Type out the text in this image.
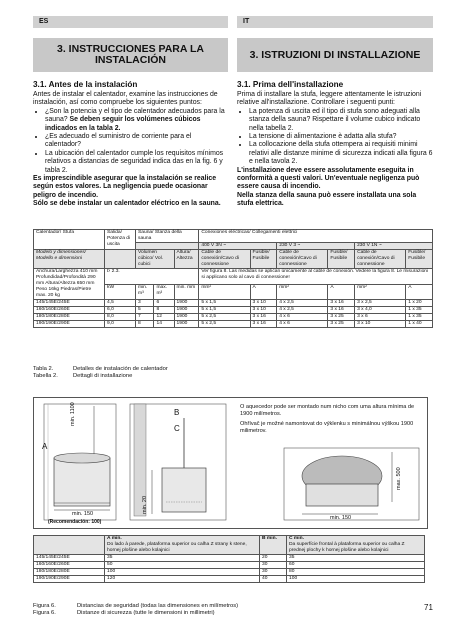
ES	IT
3. INSTRUCCIONES PARA LA
INSTALACIÓN	3. ISTRUZIONI DI INSTALLAZIONE
3.1. Antes de la instalación

Antes de instalar el calentador, examine las instrucciones de instalación, así como compruebe los siguientes puntos:

• ¿Son la potencia y el tipo de calentador adecuados para la sauna? Se deben seguir los volúmenes cúbicos indicados en la tabla 2.
• ¿Es adecuado el suministro de corriente para el calentador?
• La ubicación del calentador cumple los requisitos mínimos relativos a distancias de seguridad indica das en la fig. 6 y tabla 2.

Es imprescindible asegurar que la instalación se realice según estos valores. La negligencia puede ocasionar peligro de incendio.

Sólo se debe instalar un calentador eléctrico en la sauna.

3.1. Prima dell'installazione

Prima di installare la stufa, leggere attentamente le istruzioni relative all'installazione. Controllare i seguenti punti:

• La potenza di uscita ed il tipo di stufa sono adeguati alla stanza della sauna? Rispettare il volume cubico indicato nella tabella 2.
• La tensione di alimentazione è adatta alla stufa?
• La collocazione della stufa ottempera ai requisiti minimi relativi alle distanze minime di sicurezza indicati alla figura 6 e nella tavola 2.

L'installazione deve essere assolutamente eseguita in conformità a questi valori. Un'eventuale negligenza può essere causa di incendio.

Nella stanza della sauna può essere installata una sola stufa elettrica.

Calentador/ Stufa	Salida/ Potenza di uscita	Sauna/ Stanza della sauna			Conexiones eléctricas/ Collegamenti elettrici					
					400 V 3N ~		230 V 3 ~		230 V 1N ~	
Modelo y dimensiones/ Modello e dimensioni		Volumen cúbico/ Vol. cubici		Altura/ Altezza	Cable de conexión/Cavo di connessione	Fusible/ Fusibile	Cable de conexión/Cavo di connessione	Fusible/ Fusibile	Cable de conexión/Cavo di connessione	Fusible/ Fusibile
Anchura/Larghezza 410 mm Profundidad/Profondità 290 mm Altura/Altezza 650 mm Peso 16kg Piedras/Pietre max. 20 kg	Þ 2.3.				Ver figura 8. Las medidas se aplican únicamente al cable de conexión. Vedere la figura 8. Le misurazioni si applicano solo al cavo di connessione!					
	kW	min. m³	max. m³	min. mm	mm²	A	mm²	A	mm²	A
145/145E/245E	4,5	3	6	1900	5 x 1,5	3 x 10	4 x 2,5	3 x 16	3 x 2,5	1 x 20
160/160E/260E	6,0	5	8	1900	5 x 1,5	3 x 10	4 x 2,5	3 x 16	3 x 4,0	1 x 35
180/180E/280E	8,0	7	12	1900	5 x 2,5	3 x 16	4 x 6	3 x 25	3 x 6	1 x 35
190/190E/290E	9,0	8	14	1900	5 x 2,5	3 x 16	4 x 6	3 x 25	3 x 10	1 x 40
Tabla 2.	Detalles de instalación de calentador
Tabella 2.	Dettagli di installazione
A
B
C
min. 1100
min. 150
(Recomendación: 100)
min. 20
max. 500
min. 150

O aquecedor pode ser montado num nicho com uma altura mínima de 1900 milímetros.

Ohřívač je možné namontovat do výklenku s minimálnou výškou 1900 milimetrov.

	A min.
Do lado à parede, plataforma superior ou calha Z strany k stene, hornej plošine alebo kolajnici	B min.	C min.
Da superfície frontal à plataforma superior ou calha Z prednej plochy k hornej plošine alebo kolajnici
145/145E/245E	35	20	35
160/160E/260E	50	30	60
180/180E/280E	100	30	80
190/190E/290E	120	40	100
Figura 6.	Distancias de seguridad (todas las dimensiones en milímetros)
Figura 6.	Distanze di sicurezza (tutte le dimensioni in millimetri)
71
